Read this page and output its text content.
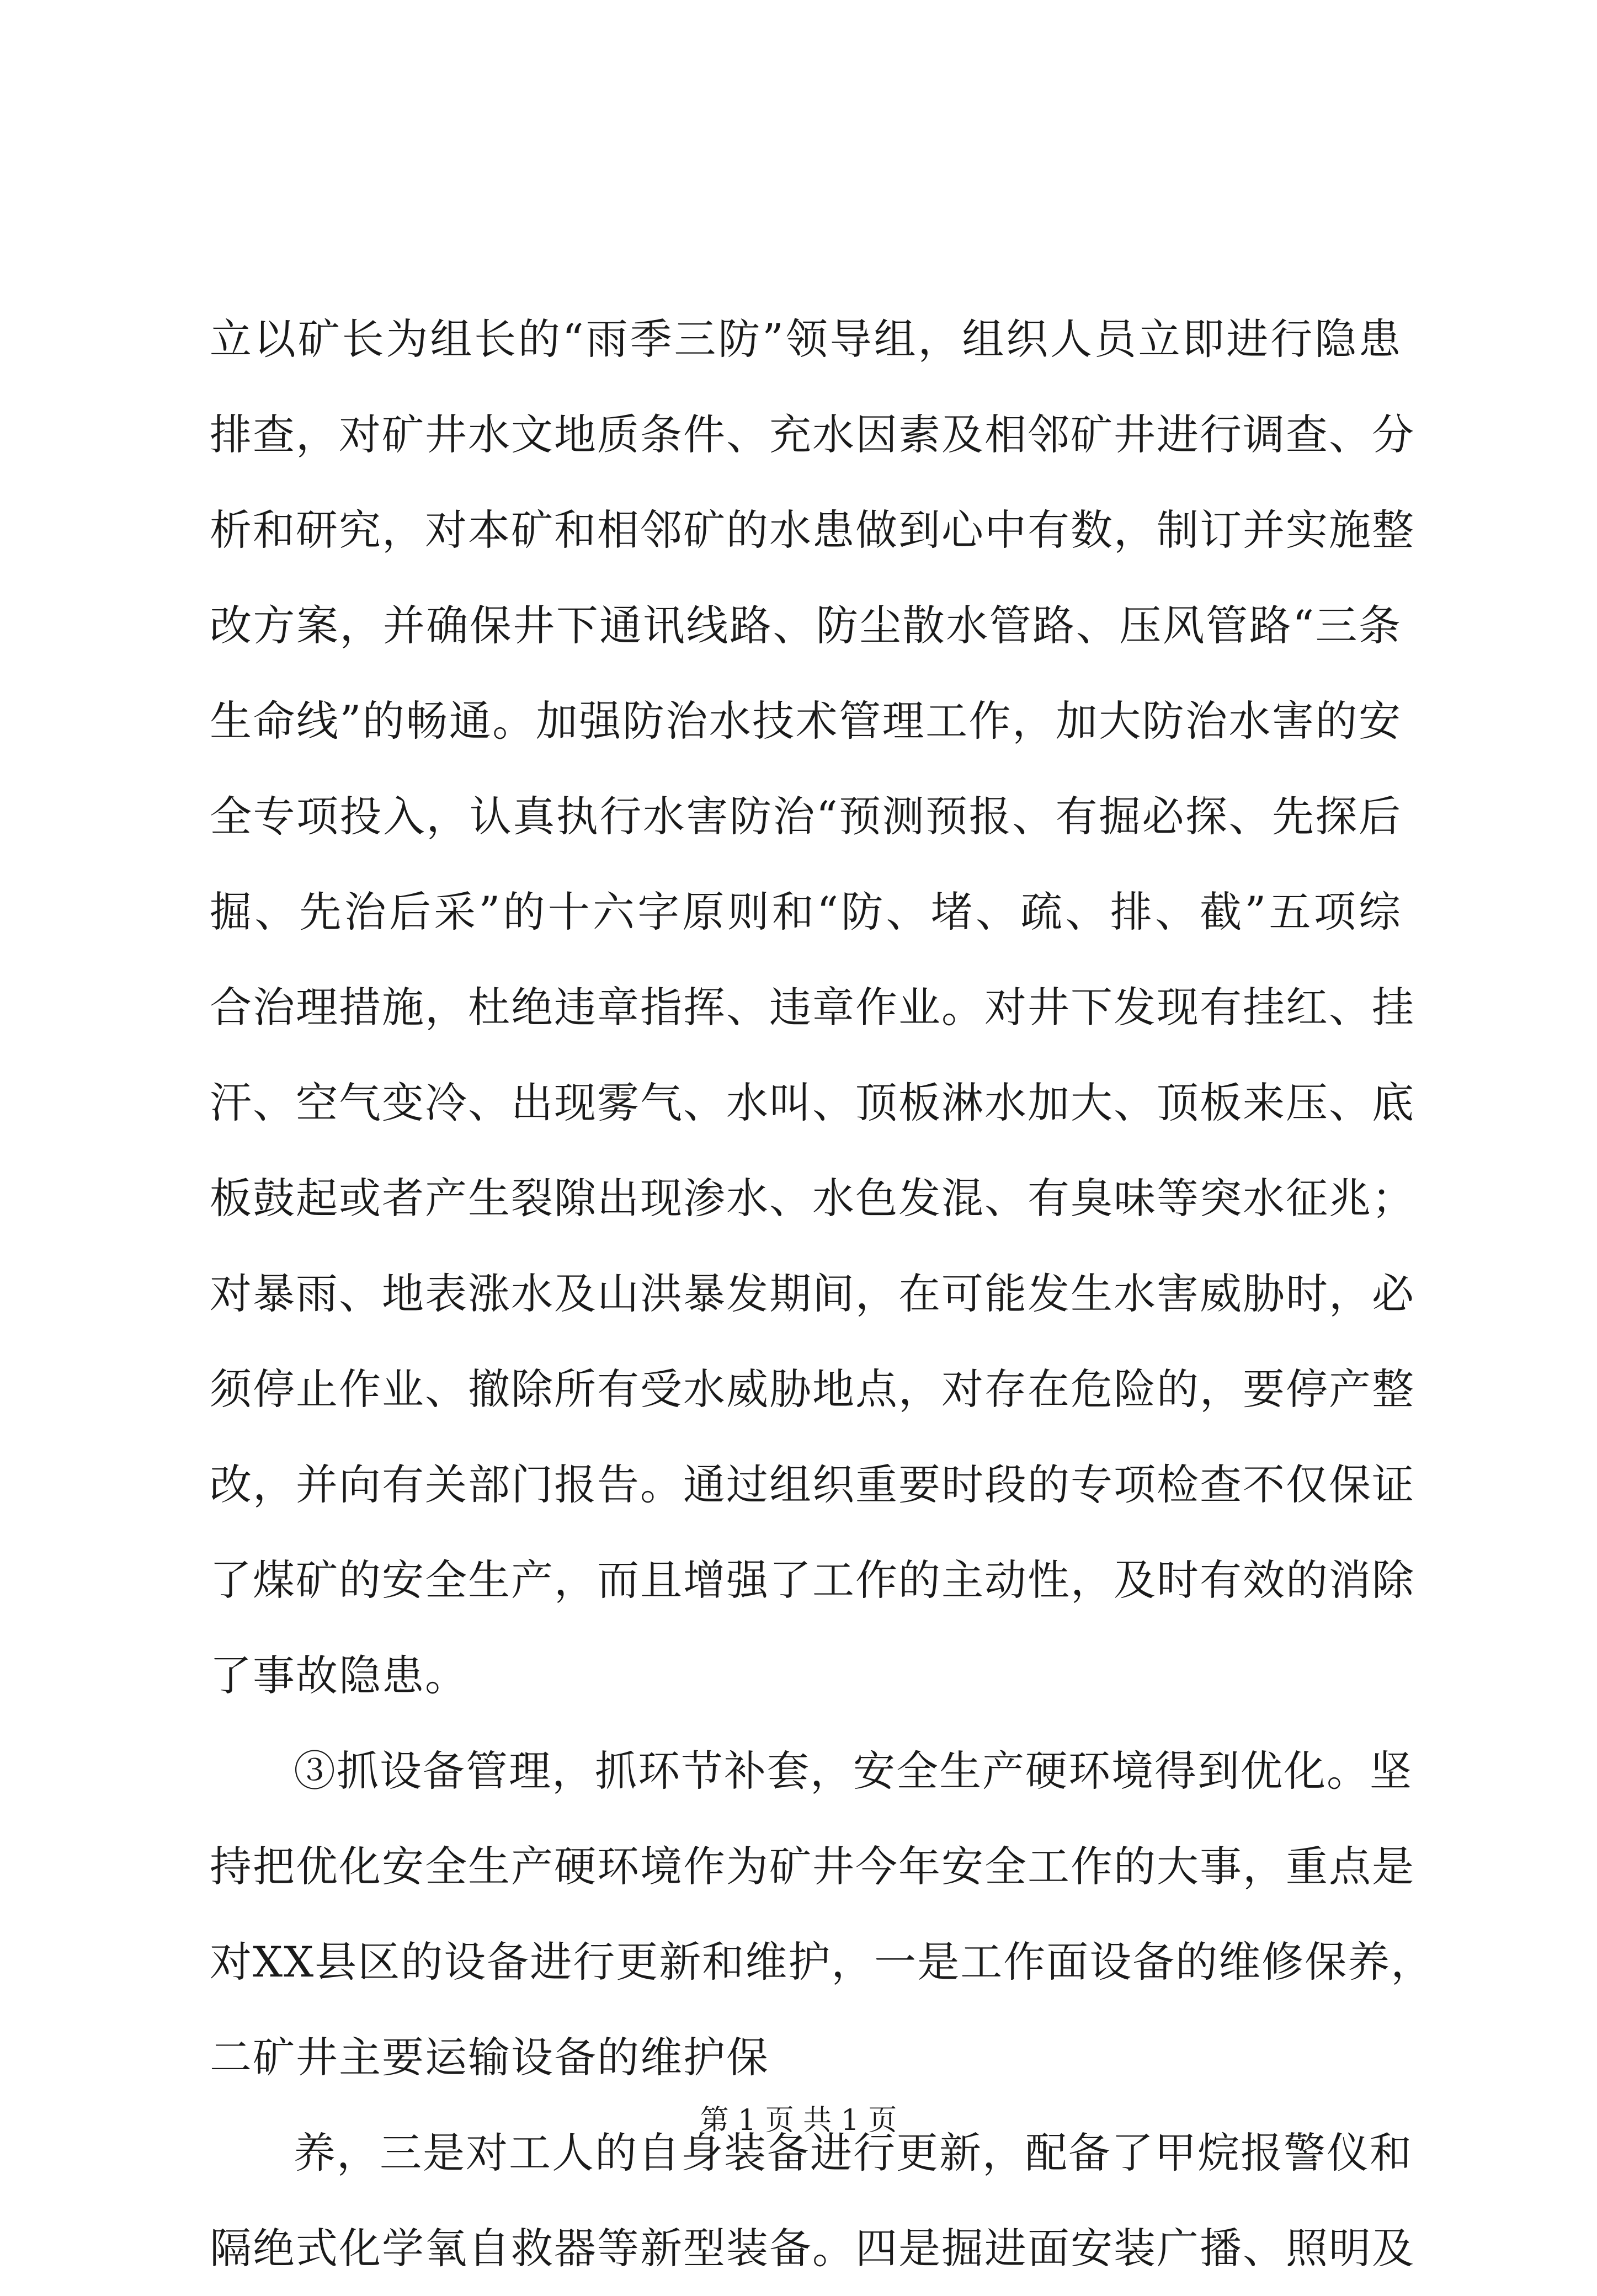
立以矿长为组长的“雨季三防”领导组，组织人员立即进行隐患
排查，对矿井水文地质条件、充水因素及相邻矿井进行调查、分
析和研究，对本矿和相邻矿的水患做到心中有数，制订并实施整
改方案，并确保井下通讯线路、防尘散水管路、压风管路“三条
生命线”的畅通。加强防治水技术管理工作，加大防治水害的安
全专项投入，认真执行水害防治“预测预报、有掘必探、先探后
掘、先治后采”的十六字原则和“防、堵、疏、排、截”五项综
合治理措施，杜绝违章指挥、违章作业。对井下发现有挂红、挂
汗、空气变冷、出现雾气、水叫、顶板淋水加大、顶板来压、底
板鼓起或者产生裂隙出现渗水、水色发混、有臭味等突水征兆；
对暴雨、地表涨水及山洪暴发期间，在可能发生水害威胁时，必
须停止作业、撤除所有受水威胁地点，对存在危险的，要停产整
改，并向有关部门报告。通过组织重要时段的专项检查不仅保证
了煤矿的安全生产，而且增强了工作的主动性，及时有效的消除
了事故隐患。
③抓设备管理，抓环节补套，安全生产硬环境得到优化。坚
持把优化安全生产硬环境作为矿井今年安全工作的大事，重点是
对XX县区的设备进行更新和维护，一是工作面设备的维修保养，
二矿井主要运输设备的维护保
养，三是对工人的自身装备进行更新，配备了甲烷报警仪和
隔绝式化学氧自救器等新型装备。四是掘进面安装广播、照明及
第 1 页 共 1 页
